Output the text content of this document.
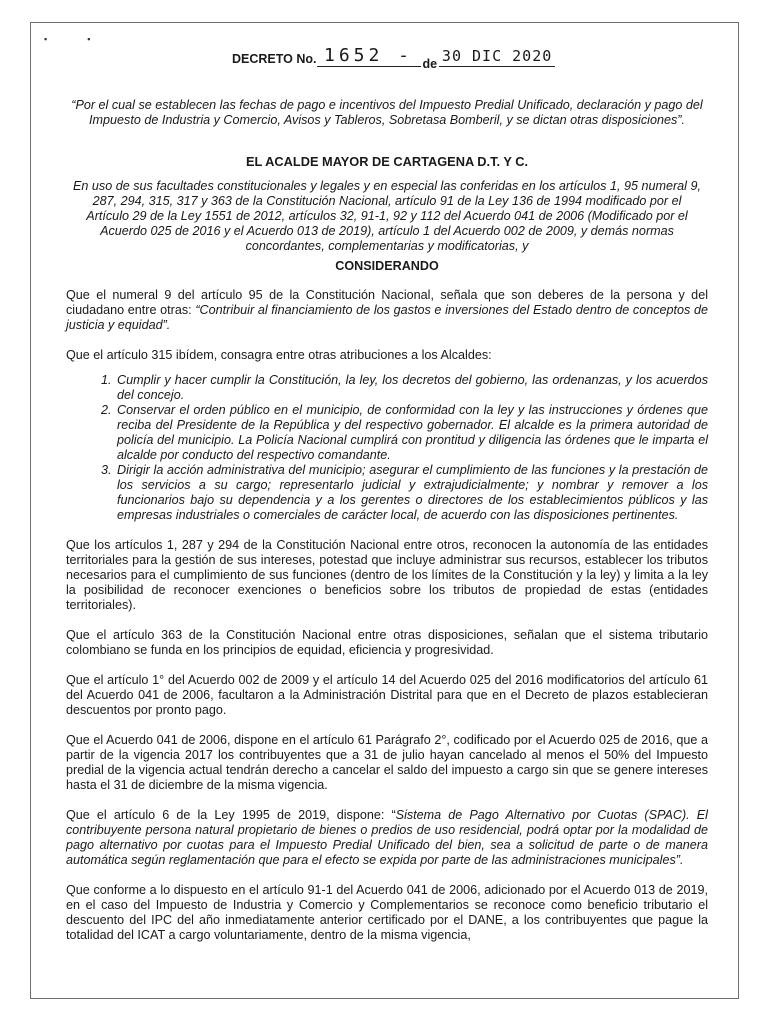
▪	▪
DECRETO No. 1652 - de 30 DIC 2020

“Por el cual se establecen las fechas de pago e incentivos del Impuesto Predial Unificado, declaración y pago del Impuesto de Industria y Comercio, Avisos y Tableros, Sobretasa Bomberil, y se dictan otras disposiciones”.

EL ACALDE MAYOR DE CARTAGENA D.T. Y C.

En uso de sus facultades constitucionales y legales y en especial las conferidas en los artículos 1, 95 numeral 9, 287, 294, 315, 317 y 363 de la Constitución Nacional, artículo 91 de la Ley 136 de 1994 modificado por el Artículo 29 de la Ley 1551 de 2012, artículos 32, 91-1, 92 y 112 del Acuerdo 041 de 2006 (Modificado por el Acuerdo 025 de 2016 y el Acuerdo 013 de 2019), artículo 1 del Acuerdo 002 de 2009, y demás normas concordantes, complementarias y modificatorias, y

CONSIDERANDO

Que el numeral 9 del artículo 95 de la Constitución Nacional, señala que son deberes de la persona y del ciudadano entre otras: “Contribuir al financiamiento de los gastos e inversiones del Estado dentro de conceptos de justicia y equidad”.

Que el artículo 315 ibídem, consagra entre otras atribuciones a los Alcaldes:

1. Cumplir y hacer cumplir la Constitución, la ley, los decretos del gobierno, las ordenanzas, y los acuerdos del concejo.
2. Conservar el orden público en el municipio, de conformidad con la ley y las instrucciones y órdenes que reciba del Presidente de la República y del respectivo gobernador. El alcalde es la primera autoridad de policía del municipio. La Policía Nacional cumplirá con prontitud y diligencia las órdenes que le imparta el alcalde por conducto del respectivo comandante.
3. Dirigir la acción administrativa del municipio; asegurar el cumplimiento de las funciones y la prestación de los servicios a su cargo; representarlo judicial y extrajudicialmente; y nombrar y remover a los funcionarios bajo su dependencia y a los gerentes o directores de los establecimientos públicos y las empresas industriales o comerciales de carácter local, de acuerdo con las disposiciones pertinentes.

Que los artículos 1, 287 y 294 de la Constitución Nacional entre otros, reconocen la autonomía de las entidades territoriales para la gestión de sus intereses, potestad que incluye administrar sus recursos, establecer los tributos necesarios para el cumplimiento de sus funciones (dentro de los límites de la Constitución y la ley) y limita a la ley la posibilidad de reconocer exenciones o beneficios sobre los tributos de propiedad de estas (entidades territoriales).

Que el artículo 363 de la Constitución Nacional entre otras disposiciones, señalan que el sistema tributario colombiano se funda en los principios de equidad, eficiencia y progresividad.

Que el artículo 1° del Acuerdo 002 de 2009 y el artículo 14 del Acuerdo 025 del 2016 modificatorios del artículo 61 del Acuerdo 041 de 2006, facultaron a la Administración Distrital para que en el Decreto de plazos establecieran descuentos por pronto pago.

Que el Acuerdo 041 de 2006, dispone en el artículo 61 Parágrafo 2°, codificado por el Acuerdo 025 de 2016, que a partir de la vigencia 2017 los contribuyentes que a 31 de julio hayan cancelado al menos el 50% del Impuesto predial de la vigencia actual tendrán derecho a cancelar el saldo del impuesto a cargo sin que se genere intereses hasta el 31 de diciembre de la misma vigencia.

Que el artículo 6 de la Ley 1995 de 2019, dispone: “Sistema de Pago Alternativo por Cuotas (SPAC). El contribuyente persona natural propietario de bienes o predios de uso residencial, podrá optar por la modalidad de pago alternativo por cuotas para el Impuesto Predial Unificado del bien, sea a solicitud de parte o de manera automática según reglamentación que para el efecto se expida por parte de las administraciones municipales”.

Que conforme a lo dispuesto en el artículo 91-1 del Acuerdo 041 de 2006, adicionado por el Acuerdo 013 de 2019, en el caso del Impuesto de Industria y Comercio y Complementarios se reconoce como beneficio tributario el descuento del IPC del año inmediatamente anterior certificado por el DANE, a los contribuyentes que pague la totalidad del ICAT a cargo voluntariamente, dentro de la misma vigencia,
